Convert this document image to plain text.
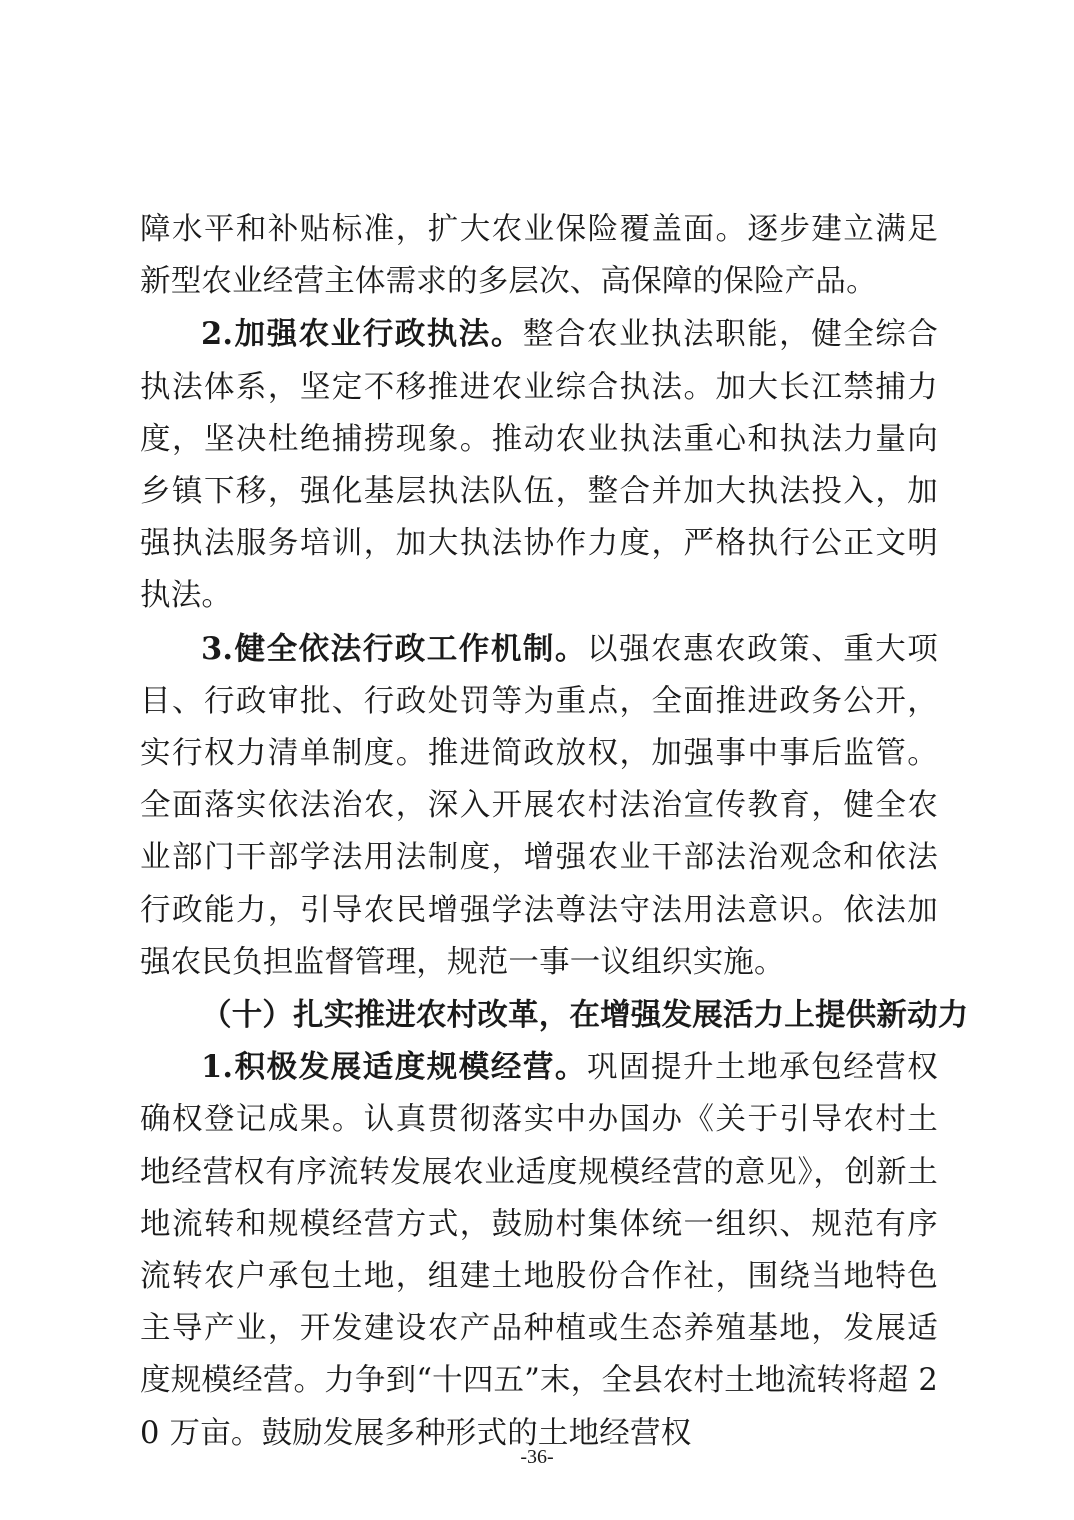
障水平和补贴标准，扩大农业保险覆盖面。逐步建立满足新型农业经营主体需求的多层次、高保障的保险产品。

2.加强农业行政执法。整合农业执法职能，健全综合执法体系，坚定不移推进农业综合执法。加大长江禁捕力度，坚决杜绝捕捞现象。推动农业执法重心和执法力量向乡镇下移，强化基层执法队伍，整合并加大执法投入，加强执法服务培训，加大执法协作力度，严格执行公正文明执法。

3.健全依法行政工作机制。以强农惠农政策、重大项目、行政审批、行政处罚等为重点，全面推进政务公开，实行权力清单制度。推进简政放权，加强事中事后监管。全面落实依法治农，深入开展农村法治宣传教育，健全农业部门干部学法用法制度，增强农业干部法治观念和依法行政能力，引导农民增强学法尊法守法用法意识。依法加强农民负担监督管理，规范一事一议组织实施。

（十）扎实推进农村改革，在增强发展活力上提供新动力

1.积极发展适度规模经营。巩固提升土地承包经营权确权登记成果。认真贯彻落实中办国办《关于引导农村土地经营权有序流转发展农业适度规模经营的意见》，创新土地流转和规模经营方式，鼓励村集体统一组织、规范有序流转农户承包土地，组建土地股份合作社，围绕当地特色主导产业，开发建设农产品种植或生态养殖基地，发展适度规模经营。力争到“十四五”末，全县农村土地流转将超 20 万亩。鼓励发展多种形式的土地经营权

-36-
